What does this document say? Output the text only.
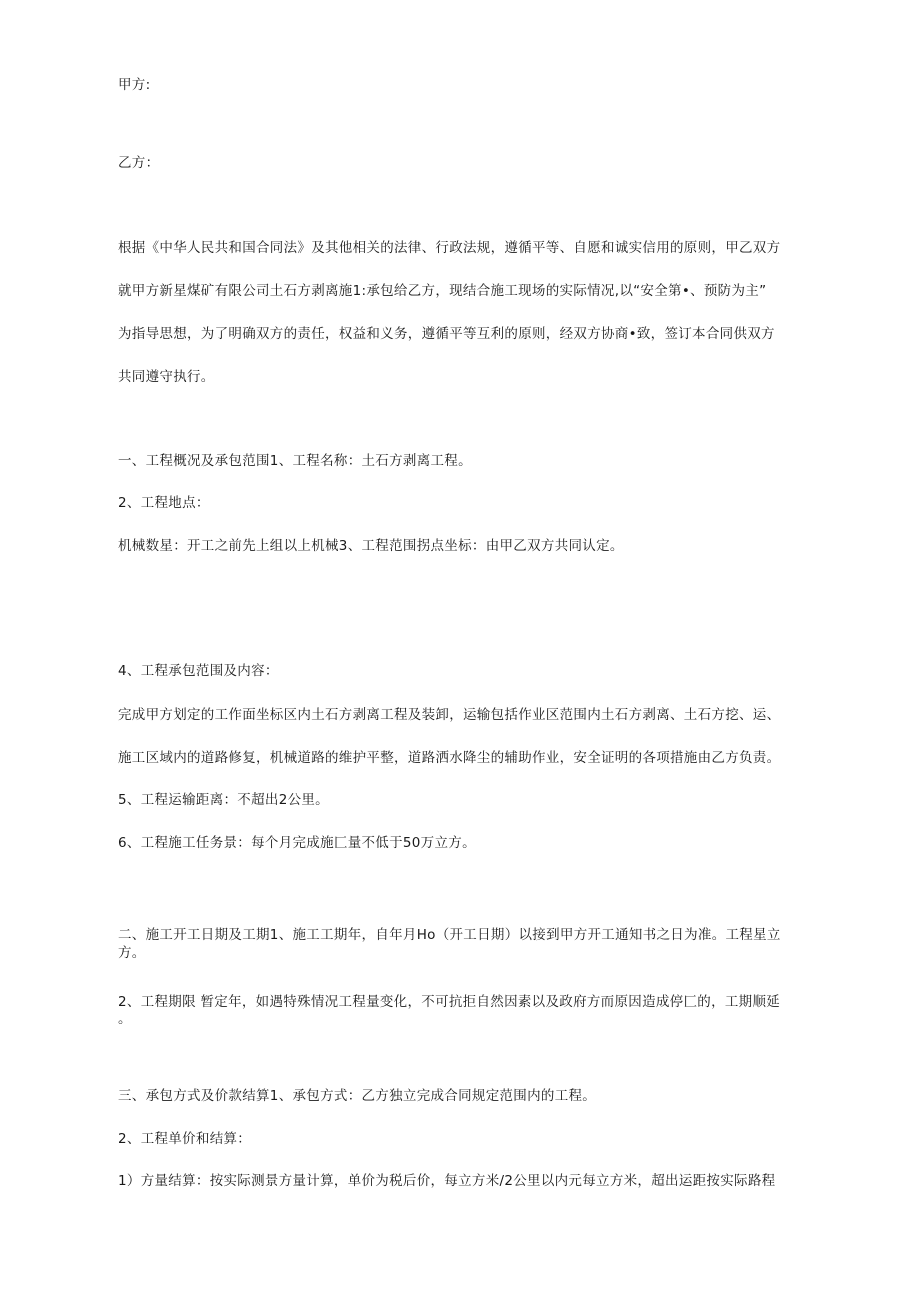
甲方:
乙方：
根据《中华人民共和国合同法》及其他相关的法律、行政法规，遵循平等、自愿和诚实信用的原则，甲乙双方
就甲方新星煤矿有限公司土石方剥离施1:承包给乙方，现结合施工现场的实际情况,以“安全第•、预防为主”
为指导思想，为了明确双方的责任，权益和义务，遵循平等互利的原则，经双方协商•致，签订本合同供双方
共同遵守执行。
一、工程概况及承包范围1、工程名称：土石方剥离工程。
2、工程地点：
机械数星：开工之前先上组以上机械3、工程范围拐点坐标：由甲乙双方共同认定。
4、工程承包范围及内容：
完成甲方划定的工作面坐标区内土石方剥离工程及装卸，运输包括作业区范围内土石方剥离、土石方挖、运、
施工区域内的道路修复，机械道路的维护平整，道路洒水降尘的辅助作业，安全证明的各项措施由乙方负责。
5、工程运输距离：不超出2公里。
6、工程施工任务景：每个月完成施匚量不低于50万立方。
二、施工开工日期及工期1、施工工期年，自年月Ho（开工日期）以接到甲方开工通知书之日为准。工程星立
方。
2、工程期限 暂定年，如遇特殊情况工程量变化，不可抗拒自然因素以及政府方而原因造成停匚的，工期顺延
。
三、承包方式及价款结算1、承包方式：乙方独立完成合同规定范围内的工程。
2、工程单价和结算：
1）方量结算：按实际测景方量计算，单价为税后价，每立方米/2公里以内元每立方米，超出运距按实际路程
